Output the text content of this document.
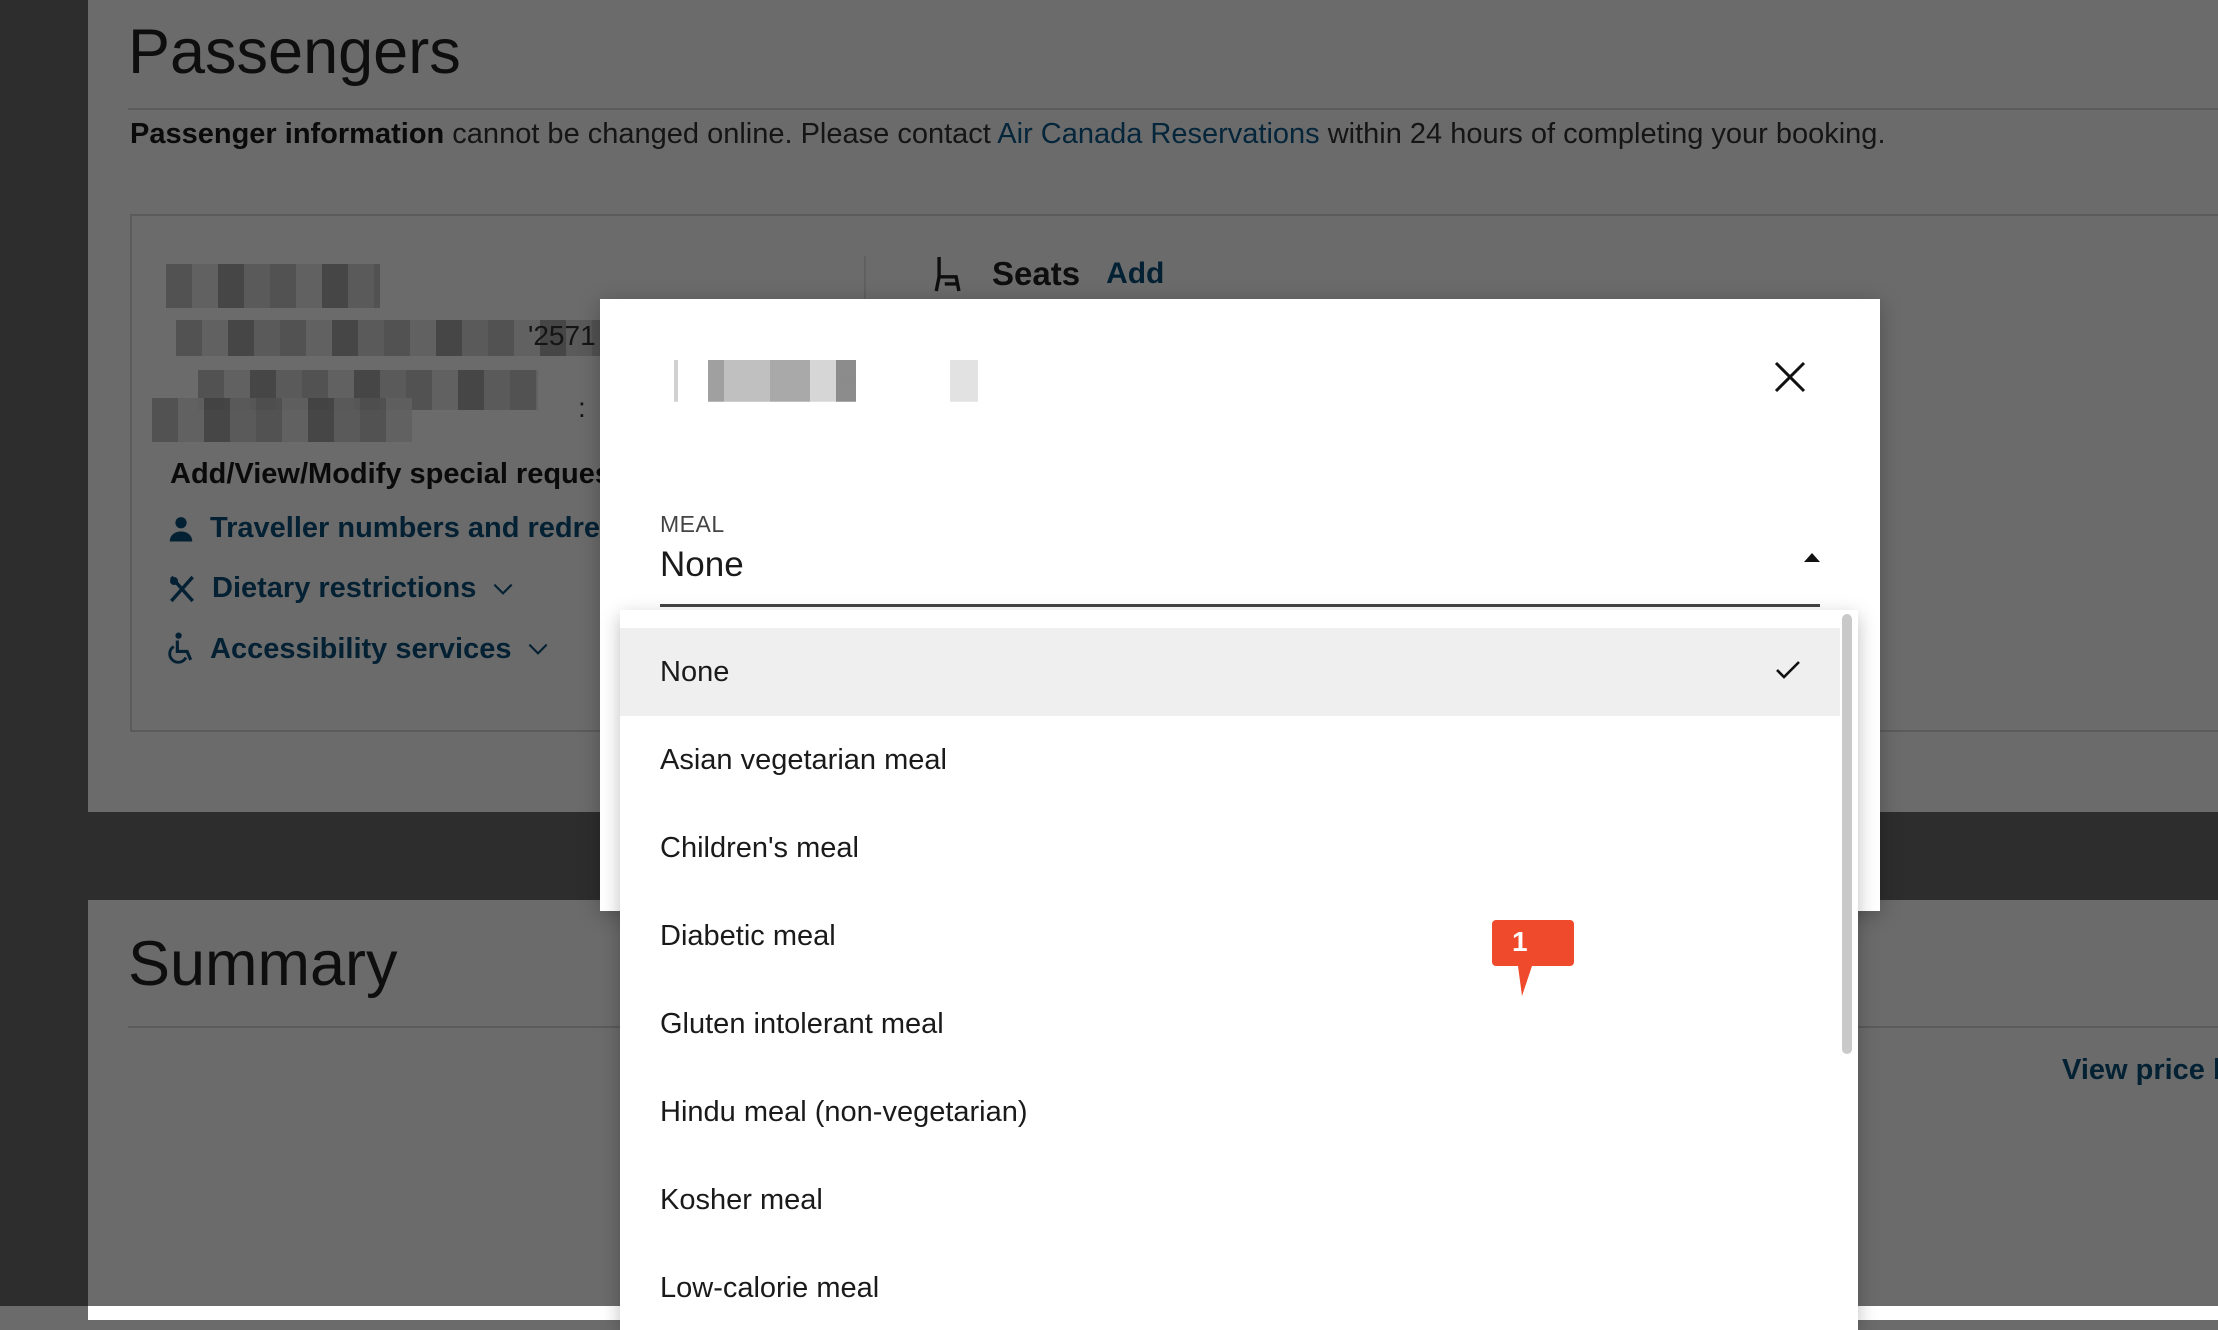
MEAL
None
None
Asian vegetarian meal
Children's meal
Diabetic meal
Gluten intolerant meal
Hindu meal (non-vegetarian)
Kosher meal
Low-calorie meal
1
